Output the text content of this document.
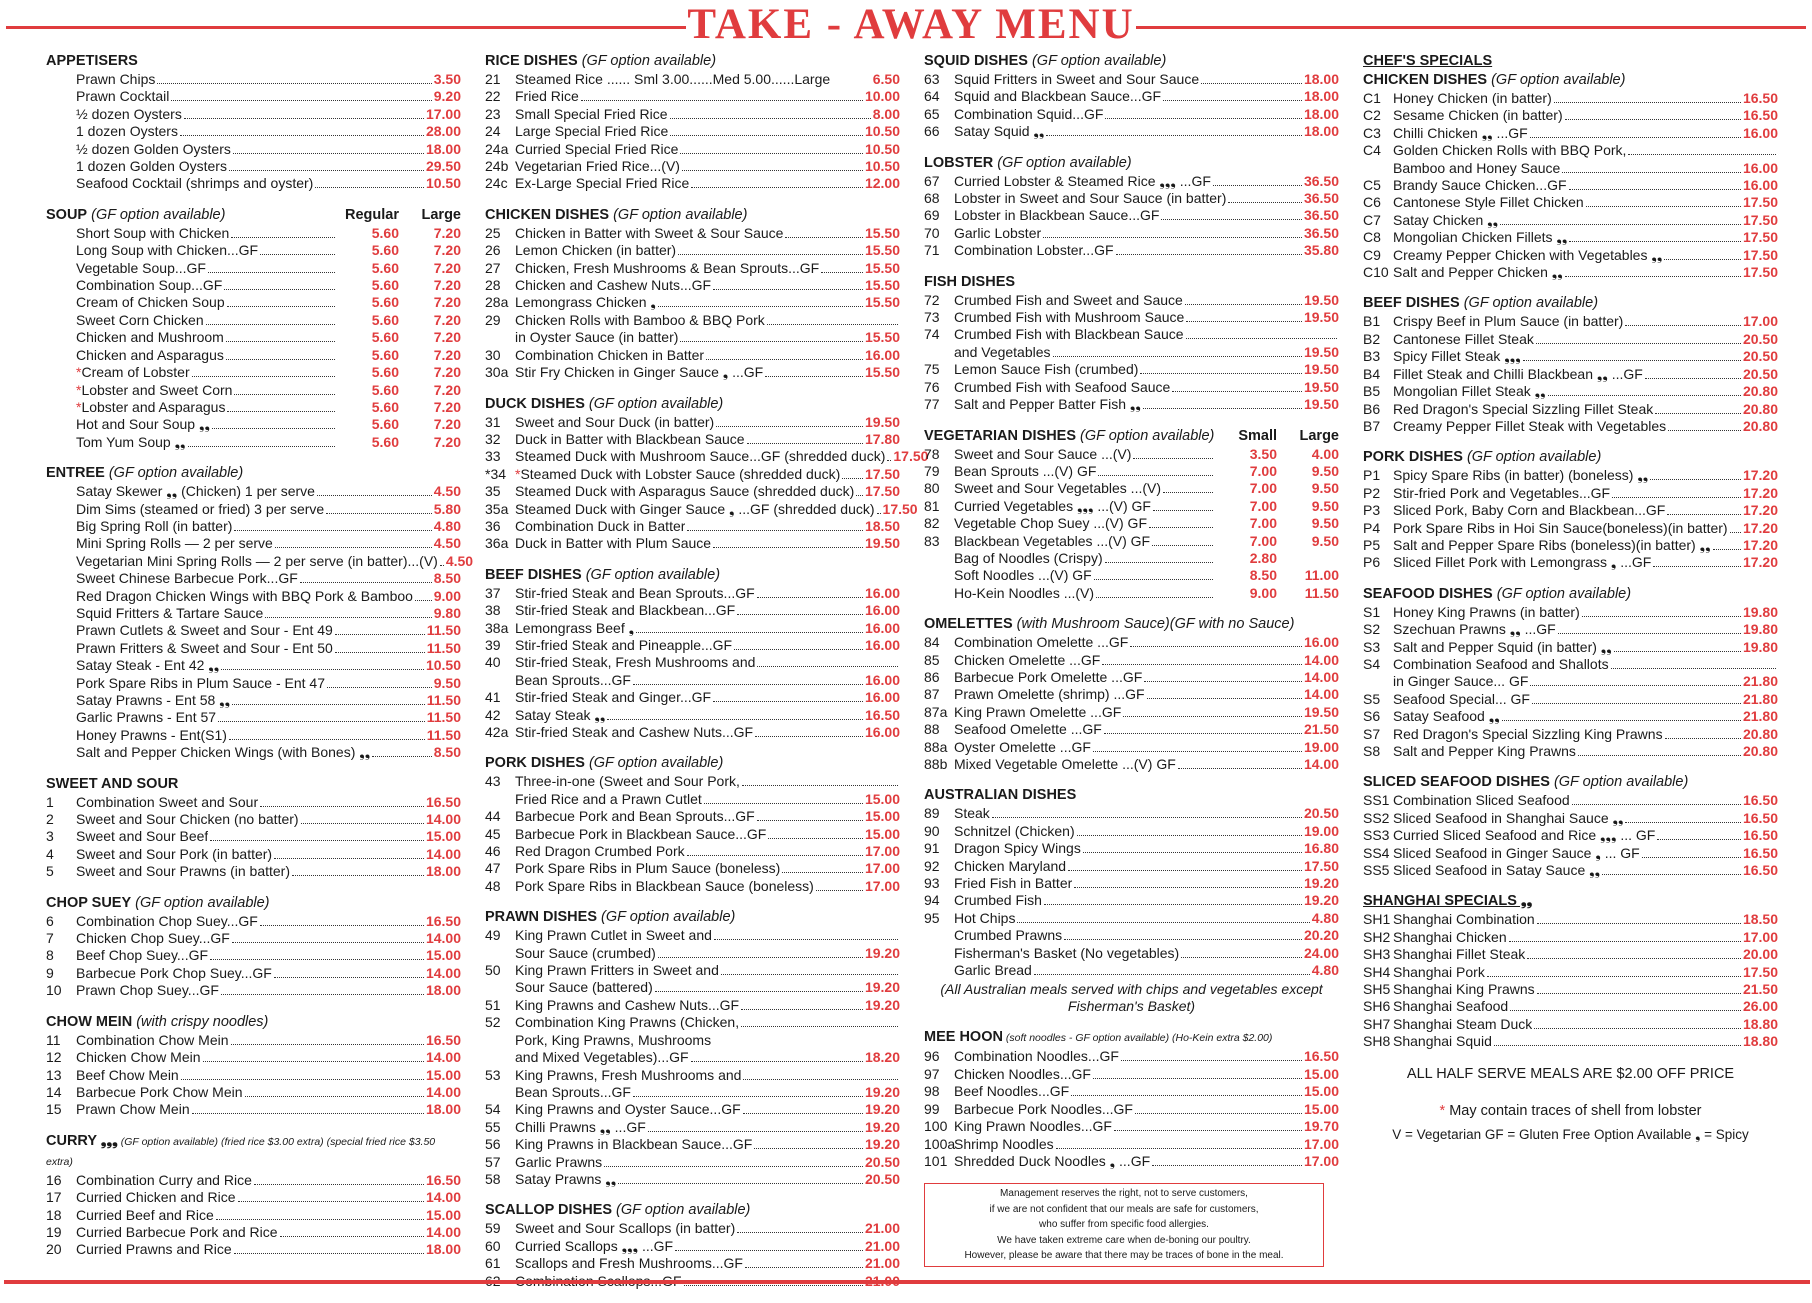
TAKE - AWAY MENU
APPETISERS
Prawn Chips	3.50
Prawn Cocktail	9.20
½ dozen Oysters	17.00
1 dozen Oysters	28.00
½ dozen Golden Oysters	18.00
1 dozen Golden Oysters	29.50
Seafood Cocktail (shrimps and oyster)	10.50
SOUP (GF option available)	Regular Large
Short Soup with Chicken	5.60 7.20
Long Soup with Chicken...GF	5.60 7.20
Vegetable Soup...GF	5.60 7.20
Combination Soup...GF	5.60 7.20
Cream of Chicken Soup	5.60 7.20
Sweet Corn Chicken	5.60 7.20
Chicken and Mushroom	5.60 7.20
Chicken and Asparagus	5.60 7.20
*Cream of Lobster	5.60 7.20
*Lobster and Sweet Corn	5.60 7.20
*Lobster and Asparagus	5.60 7.20
Hot and Sour Soup ❟❟	5.60 7.20
Tom Yum Soup ❟❟	5.60 7.20
ENTREE (GF option available)
Satay Skewer ❟❟ (Chicken) 1 per serve	4.50
Dim Sims (steamed or fried) 3 per serve	5.80
Big Spring Roll (in batter)	4.80
Mini Spring Rolls — 2 per serve	4.50
Vegetarian Mini Spring Rolls — 2 per serve (in batter)...(V) 4.50
Sweet Chinese Barbecue Pork...GF	8.50
Red Dragon Chicken Wings with BBQ Pork & Bamboo 9.00
Squid Fritters & Tartare Sauce	9.80
Prawn Cutlets & Sweet and Sour - Ent 49	11.50
Prawn Fritters & Sweet and Sour - Ent 50	11.50
Satay Steak - Ent 42 ❟❟	10.50
Pork Spare Ribs in Plum Sauce - Ent 47	9.50
Satay Prawns - Ent 58 ❟❟	11.50
Garlic Prawns - Ent 57	11.50
Honey Prawns - Ent(S1)	11.50
Salt and Pepper Chicken Wings (with Bones) ❟❟	8.50
SWEET AND SOUR
1	Combination Sweet and Sour	16.50
2	Sweet and Sour Chicken (no batter)	14.00
3	Sweet and Sour Beef	15.00
4	Sweet and Sour Pork (in batter)	14.00
5	Sweet and Sour Prawns (in batter)	18.00
CHOP SUEY (GF option available)
6	Combination Chop Suey...GF	16.50
7	Chicken Chop Suey...GF	14.00
8	Beef Chop Suey...GF	15.00
9	Barbecue Pork Chop Suey...GF	14.00
10	Prawn Chop Suey...GF	18.00
CHOW MEIN (with crispy noodles)
11	Combination Chow Mein	16.50
12	Chicken Chow Mein	14.00
13	Beef Chow Mein	15.00
14	Barbecue Pork Chow Mein	14.00
15	Prawn Chow Mein	18.00
CURRY ❟❟❟ (GF option available) (fried rice $3.00 extra) (special fried rice $3.50 extra)
16	Combination Curry and Rice	16.50
17	Curried Chicken and Rice	14.00
18	Curried Beef and Rice	15.00
19	Curried Barbecue Pork and Rice	14.00
20	Curried Prawns and Rice	18.00
RICE DISHES (GF option available)
21	Steamed Rice ...... Sml 3.00......Med 5.00......Large	6.50
22	Fried Rice	10.00
23	Small Special Fried Rice	8.00
24	Large Special Fried Rice	10.50
24a Curried Special Fried Rice	10.50
24b Vegetarian Fried Rice...(V)	10.50
24c Ex-Large Special Fried Rice	12.00
CHICKEN DISHES (GF option available)
25	Chicken in Batter with Sweet & Sour Sauce	15.50
26	Lemon Chicken (in batter)	15.50
27	Chicken, Fresh Mushrooms & Bean Sprouts...GF	15.50
28	Chicken and Cashew Nuts...GF	15.50
28a Lemongrass Chicken ❟	15.50
29	Chicken Rolls with Bamboo & BBQ Pork
in Oyster Sauce (in batter)	15.50
30	Combination Chicken in Batter	16.00
30a Stir Fry Chicken in Ginger Sauce ❟ ...GF	15.50
DUCK DISHES (GF option available)
31	Sweet and Sour Duck (in batter)	19.50
32	Duck in Batter with Blackbean Sauce	17.80
33	Steamed Duck with Mushroom Sauce...GF (shredded duck) 17.50
*34 *Steamed Duck with Lobster Sauce (shredded duck) 17.50
35	Steamed Duck with Asparagus Sauce (shredded duck) 17.50
35a Steamed Duck with Ginger Sauce ❟ ...GF (shredded duck) 17.50
36	Combination Duck in Batter	18.50
36a Duck in Batter with Plum Sauce	19.50
BEEF DISHES (GF option available)
37	Stir-fried Steak and Bean Sprouts...GF	16.00
38	Stir-fried Steak and Blackbean...GF	16.00
38a Lemongrass Beef ❟	16.00
39	Stir-fried Steak and Pineapple...GF	16.00
40	Stir-fried Steak, Fresh Mushrooms and
Bean Sprouts...GF	16.00
41	Stir-fried Steak and Ginger...GF	16.00
42	Satay Steak ❟❟	16.50
42a Stir-fried Steak and Cashew Nuts...GF	16.00
PORK DISHES (GF option available)
43	Three-in-one (Sweet and Sour Pork,
Fried Rice and a Prawn Cutlet	15.00
44	Barbecue Pork and Bean Sprouts...GF	15.00
45	Barbecue Pork in Blackbean Sauce...GF	15.00
46	Red Dragon Crumbed Pork	17.00
47	Pork Spare Ribs in Plum Sauce (boneless)	17.00
48	Pork Spare Ribs in Blackbean Sauce (boneless)	17.00
PRAWN DISHES (GF option available)
49	King Prawn Cutlet in Sweet and
Sour Sauce (crumbed)	19.20
50	King Prawn Fritters in Sweet and
Sour Sauce (battered)	19.20
51	King Prawns and Cashew Nuts...GF	19.20
52	Combination King Prawns (Chicken,
Pork, King Prawns, Mushrooms
and Mixed Vegetables)...GF	18.20
53	King Prawns, Fresh Mushrooms and
Bean Sprouts...GF	19.20
54	King Prawns and Oyster Sauce...GF	19.20
55	Chilli Prawns ❟❟ ...GF	19.20
56	King Prawns in Blackbean Sauce...GF	19.20
57	Garlic Prawns	20.50
58	Satay Prawns ❟❟	20.50
SCALLOP DISHES (GF option available)
59	Sweet and Sour Scallops (in batter)	21.00
60	Curried Scallops ❟❟❟ ...GF	21.00
61	Scallops and Fresh Mushrooms...GF	21.00
SQUID DISHES (GF option available)
63	Squid Fritters in Sweet and Sour Sauce	18.00
64	Squid and Blackbean Sauce...GF	18.00
65	Combination Squid...GF	18.00
66	Satay Squid ❟❟	18.00
LOBSTER (GF option available)
67	Curried Lobster & Steamed Rice ❟❟❟ ...GF	36.50
68	Lobster in Sweet and Sour Sauce (in batter)	36.50
69	Lobster in Blackbean Sauce...GF	36.50
70	Garlic Lobster	36.50
71	Combination Lobster...GF	35.80
FISH DISHES
72	Crumbed Fish and Sweet and Sauce	19.50
73	Crumbed Fish with Mushroom Sauce	19.50
74	Crumbed Fish with Blackbean Sauce
and Vegetables	19.50
75	Lemon Sauce Fish (crumbed)	19.50
76	Crumbed Fish with Seafood Sauce	19.50
77	Salt and Pepper Batter Fish ❟❟	19.50
VEGETARIAN DISHES (GF option available)	Small Large
78	Sweet and Sour Sauce ...(V)	3.50 4.00
79	Bean Sprouts ...(V) GF	7.00 9.50
80	Sweet and Sour Vegetables ...(V)	7.00 9.50
81	Curried Vegetables ❟❟❟ ...(V) GF	7.00 9.50
82	Vegetable Chop Suey ...(V) GF	7.00 9.50
83	Blackbean Vegetables ...(V) GF	7.00 9.50
Bag of Noodles (Crispy)	2.80
Soft Noodles ...(V) GF	8.50 11.00
Ho-Kein Noodles ...(V)	9.00 11.50
OMELETTES (with Mushroom Sauce)(GF with no Sauce)
84	Combination Omelette ...GF	16.00
85	Chicken Omelette ...GF	14.00
86	Barbecue Pork Omelette ...GF	14.00
87	Prawn Omelette (shrimp) ...GF	14.00
87a King Prawn Omelette ...GF	19.50
88	Seafood Omelette ...GF	21.50
88a Oyster Omelette ...GF	19.00
88b Mixed Vegetable Omelette ...(V) GF	14.00
AUSTRALIAN DISHES
89	Steak	20.50
90	Schnitzel (Chicken)	19.00
91	Dragon Spicy Wings	16.80
92	Chicken Maryland	17.50
93	Fried Fish in Batter	19.20
94	Crumbed Fish	19.20
95	Hot Chips	4.80
Crumbed Prawns	20.20
Fisherman's Basket (No vegetables)	24.00
Garlic Bread	4.80
(All Australian meals served with chips and vegetables except Fisherman's Basket)
MEE HOON (soft noodles - GF option available) (Ho-Kein extra $2.00)
96	Combination Noodles...GF	16.50
97	Chicken Noodles...GF	15.00
98	Beef Noodles...GF	15.00
99	Barbecue Pork Noodles...GF	15.00
100 King Prawn Noodles...GF	19.70
100a
Shrimp Noodles	17.00
101 Shredded Duck Noodles ❟ ...GF	17.00
Management reserves the right, not to serve customers,
if we are not confident that our meals are safe for customers,
who suffer from specific food allergies.
We have taken extreme care when de-boning our poultry.
However, please be aware that there may be traces of bone in the meal.
CHEF'S SPECIALS
CHICKEN DISHES (GF option available)
C1 Honey Chicken (in batter)	16.50
C2 Sesame Chicken (in batter)	16.50
C3 Chilli Chicken ❟❟ ...GF	16.00
C4 Golden Chicken Rolls with BBQ Pork,
Bamboo and Honey Sauce	16.00
C5 Brandy Sauce Chicken...GF	16.00
C6 Cantonese Style Fillet Chicken	17.50
C7 Satay Chicken ❟❟	17.50
C8 Mongolian Chicken Fillets ❟❟	17.50
C9 Creamy Pepper Chicken with Vegetables ❟❟	17.50
C10 Salt and Pepper Chicken ❟❟	17.50
BEEF DISHES (GF option available)
B1 Crispy Beef in Plum Sauce (in batter)	17.00
B2 Cantonese Fillet Steak	20.50
B3 Spicy Fillet Steak ❟❟❟	20.50
B4 Fillet Steak and Chilli Blackbean ❟❟ ...GF	20.50
B5 Mongolian Fillet Steak ❟❟	20.80
B6 Red Dragon's Special Sizzling Fillet Steak	20.80
B7 Creamy Pepper Fillet Steak with Vegetables	20.80
PORK DISHES (GF option available)
P1 Spicy Spare Ribs (in batter) (boneless) ❟❟	17.20
P2 Stir-fried Pork and Vegetables...GF	17.20
P3 Sliced Pork, Baby Corn and Blackbean...GF	17.20
P4 Pork Spare Ribs in Hoi Sin Sauce(boneless)(in batter) 17.20
P5 Salt and Pepper Spare Ribs (boneless)(in batter) ❟❟ 17.20
P6 Sliced Fillet Pork with Lemongrass ❟ ...GF	17.20
SEAFOOD DISHES (GF option available)
S1 Honey King Prawns (in batter)	19.80
S2 Szechuan Prawns ❟❟ ...GF	19.80
S3 Salt and Pepper Squid (in batter) ❟❟	19.80
S4 Combination Seafood and Shallots
in Ginger Sauce... GF	21.80
S5 Seafood Special... GF	21.80
S6 Satay Seafood ❟❟	21.80
S7 Red Dragon's Special Sizzling King Prawns	20.80
S8 Salt and Pepper King Prawns	20.80
SLICED SEAFOOD DISHES (GF option available)
SS1 Combination Sliced Seafood	16.50
SS2 Sliced Seafood in Shanghai Sauce ❟❟	16.50
SS3 Curried Sliced Seafood and Rice ❟❟❟ ... GF	16.50
SS4 Sliced Seafood in Ginger Sauce ❟ ... GF	16.50
SS5 Sliced Seafood in Satay Sauce ❟❟	16.50
SHANGHAI SPECIALS ❟❟
SH1 Shanghai Combination	18.50
SH2 Shanghai Chicken	17.00
SH3 Shanghai Fillet Steak	20.00
SH4 Shanghai Pork	17.50
SH5 Shanghai King Prawns	21.50
SH6 Shanghai Seafood	26.00
SH7 Shanghai Steam Duck	18.80
SH8 Shanghai Squid	18.80
ALL HALF SERVE MEALS ARE $2.00 OFF PRICE
* May contain traces of shell from lobster
V = Vegetarian GF = Gluten Free Option Available ❟ = Spicy
